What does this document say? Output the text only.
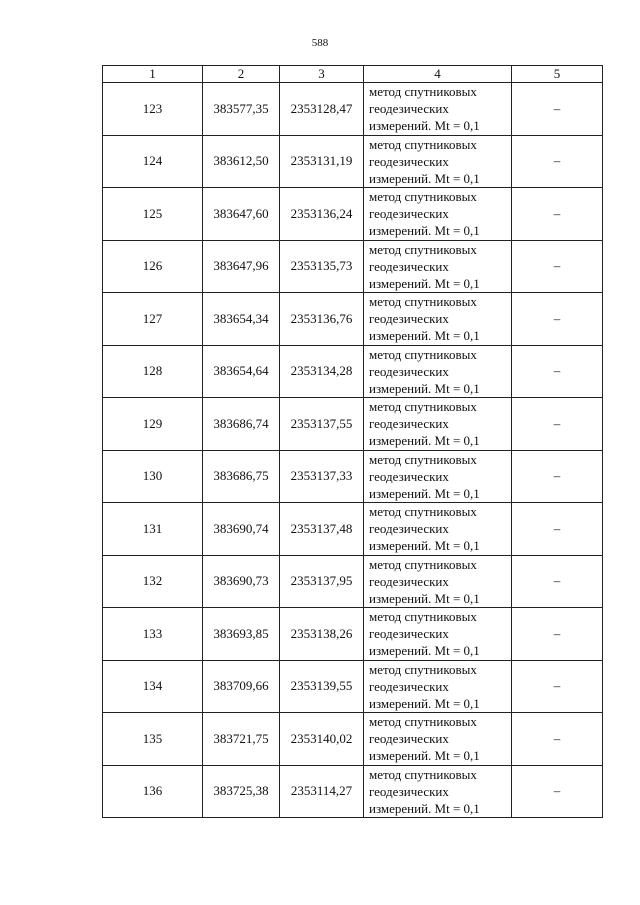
588
1	2	3	4	5
123	383577,35	2353128,47	метод спутниковых
геодезических
измерений. Mt = 0,1	–
124	383612,50	2353131,19	метод спутниковых
геодезических
измерений. Mt = 0,1	–
125	383647,60	2353136,24	метод спутниковых
геодезических
измерений. Mt = 0,1	–
126	383647,96	2353135,73	метод спутниковых
геодезических
измерений. Mt = 0,1	–
127	383654,34	2353136,76	метод спутниковых
геодезических
измерений. Mt = 0,1	–
128	383654,64	2353134,28	метод спутниковых
геодезических
измерений. Mt = 0,1	–
129	383686,74	2353137,55	метод спутниковых
геодезических
измерений. Mt = 0,1	–
130	383686,75	2353137,33	метод спутниковых
геодезических
измерений. Mt = 0,1	–
131	383690,74	2353137,48	метод спутниковых
геодезических
измерений. Mt = 0,1	–
132	383690,73	2353137,95	метод спутниковых
геодезических
измерений. Mt = 0,1	–
133	383693,85	2353138,26	метод спутниковых
геодезических
измерений. Mt = 0,1	–
134	383709,66	2353139,55	метод спутниковых
геодезических
измерений. Mt = 0,1	–
135	383721,75	2353140,02	метод спутниковых
геодезических
измерений. Mt = 0,1	–
136	383725,38	2353114,27	метод спутниковых
геодезических
измерений. Mt = 0,1	–
